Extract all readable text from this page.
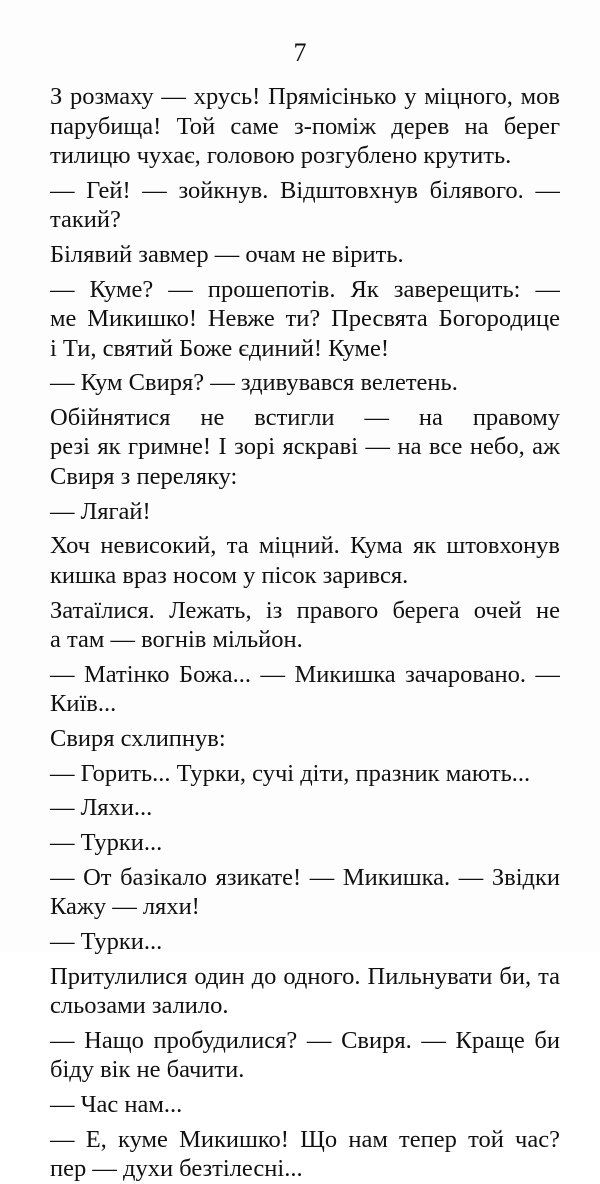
7
З розмаху — хрусь! Прямісінько у міцного, мов
парубища! Той саме з-поміж дерев на берег
тилицю чухає, головою розгублено крутить.
— Гей! — зойкнув. Відштовхнув білявого. —
такий?
Білявий завмер — очам не вірить.
— Куме? — прошепотів. Як заверещить: —
ме Микишко! Невже ти? Пресвята Богородице
і Ти, святий Боже єдиний! Куме!
— Кум Свиря? — здивувався велетень.
Обійнятися не встигли — на правому
резі як гримне! І зорі яскраві — на все небо, аж
Свиря з переляку:
— Лягай!
Хоч невисокий, та міцний. Кума як штовхонув
кишка враз носом у пісок зарився.
Затаїлися. Лежать, із правого берега очей не
а там — вогнів мільйон.
— Матінко Божа... — Микишка зачаровано. —
Київ...
Свиря схлипнув:
— Горить... Турки, сучі діти, празник мають...
— Ляхи...
— Турки...
— От базікало язикате! — Микишка. — Звідки
Кажу — ляхи!
— Турки...
Притулилися один до одного. Пильнувати би, та
сльозами залило.
— Нащо пробудилися? — Свиря. — Краще би
біду вік не бачити.
— Час нам...
— Е, куме Микишко! Що нам тепер той час?
пер — духи безтілесні...
